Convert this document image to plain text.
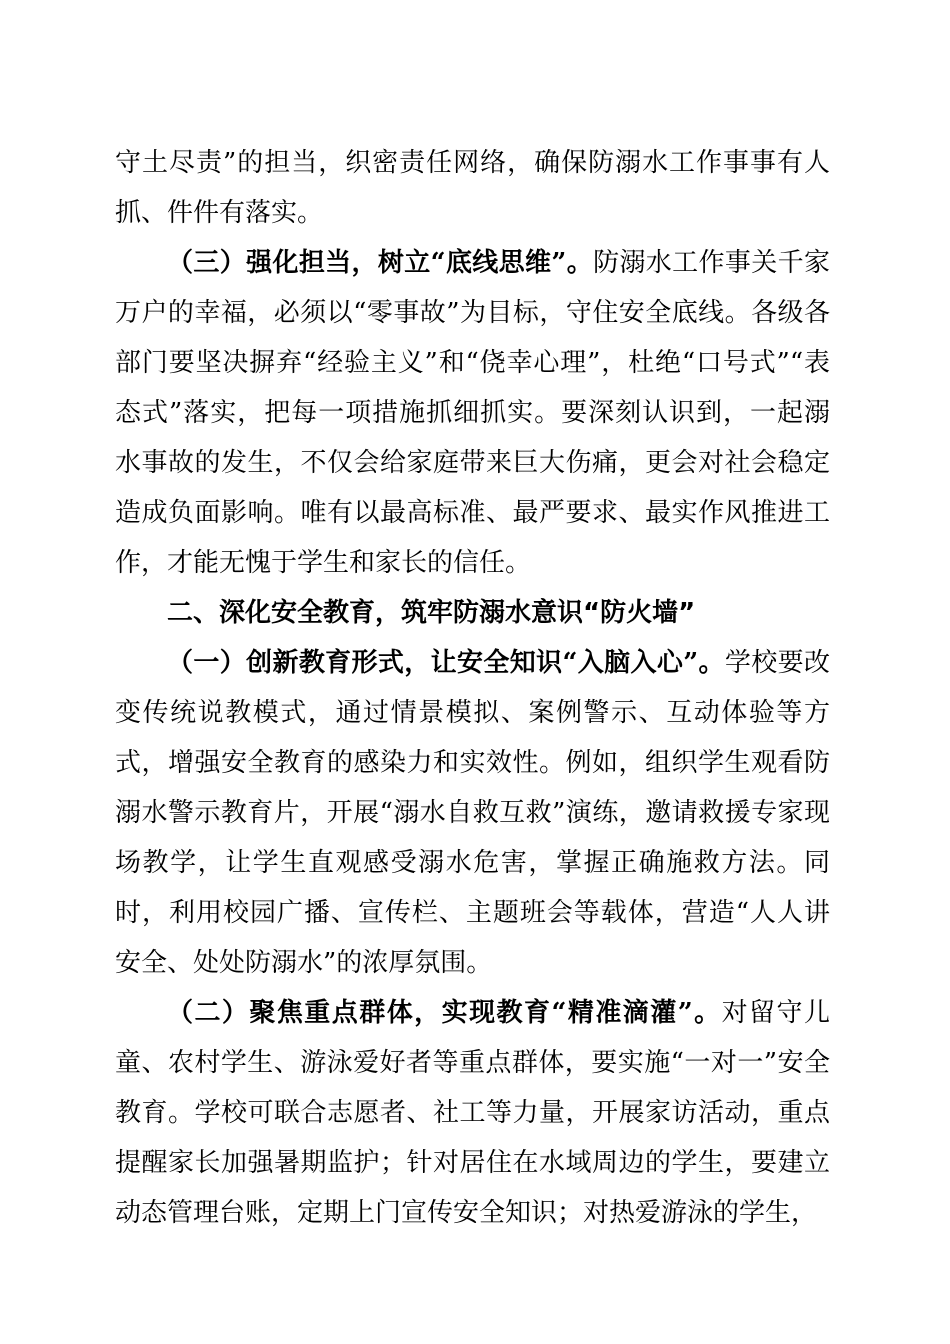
守土尽责”的担当，织密责任网络，确保防溺水工作事事有人抓、件件有落实。

（三）强化担当，树立“底线思维”。防溺水工作事关千家万户的幸福，必须以“零事故”为目标，守住安全底线。各级各部门要坚决摒弃“经验主义”和“侥幸心理”，杜绝“口号式”“表态式”落实，把每一项措施抓细抓实。要深刻认识到，一起溺水事故的发生，不仅会给家庭带来巨大伤痛，更会对社会稳定造成负面影响。唯有以最高标准、最严要求、最实作风推进工作，才能无愧于学生和家长的信任。

二、深化安全教育，筑牢防溺水意识“防火墙”

（一）创新教育形式，让安全知识“入脑入心”。学校要改变传统说教模式，通过情景模拟、案例警示、互动体验等方式，增强安全教育的感染力和实效性。例如，组织学生观看防溺水警示教育片，开展“溺水自救互救”演练，邀请救援专家现场教学，让学生直观感受溺水危害，掌握正确施救方法。同时，利用校园广播、宣传栏、主题班会等载体，营造“人人讲安全、处处防溺水”的浓厚氛围。

（二）聚焦重点群体，实现教育“精准滴灌”。对留守儿童、农村学生、游泳爱好者等重点群体，要实施“一对一”安全教育。学校可联合志愿者、社工等力量，开展家访活动，重点提醒家长加强暑期监护；针对居住在水域周边的学生，要建立动态管理台账，定期上门宣传安全知识；对热爱游泳的学生，
